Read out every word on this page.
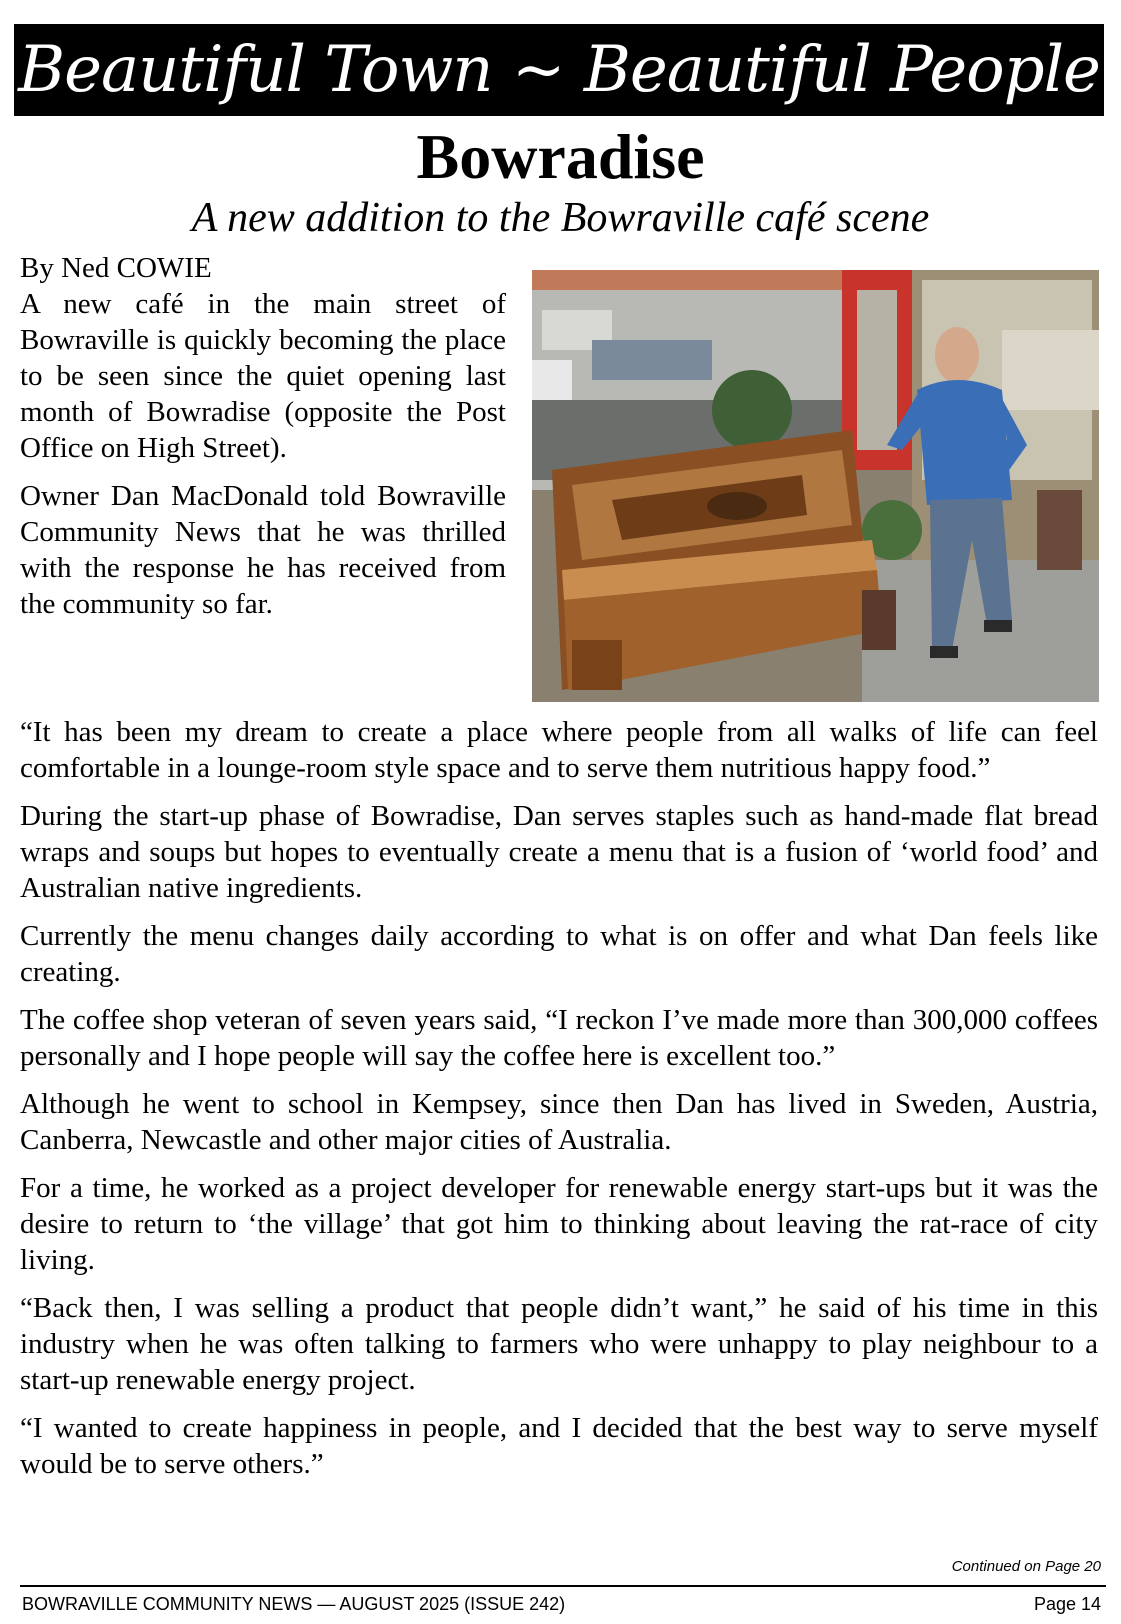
Beautiful Town ~ Beautiful People
Bowradise
A new addition to the Bowraville café scene
By Ned COWIE

A new café in the main street of Bowraville is quickly becoming the place to be seen since the quiet opening last month of Bowradise (opposite the Post Office on High Street).

Owner Dan MacDonald told Bowraville Community News that he was thrilled with the response he has received from the community so far.

“It has been my dream to create a place where people from all walks of life can feel comfortable in a lounge-room style space and to serve them nutritious happy food.”

During the start-up phase of Bowradise, Dan serves staples such as hand-made flat bread wraps and soups but hopes to eventually create a menu that is a fusion of ‘world food’ and Australian native ingredients.

Currently the menu changes daily according to what is on offer and what Dan feels like creating.

The coffee shop veteran of seven years said, “I reckon I’ve made more than 300,000 coffees personally and I hope people will say the coffee here is excellent too.”

Although he went to school in Kempsey, since then Dan has lived in Sweden, Austria, Canberra, Newcastle and other major cities of Australia.

For a time, he worked as a project developer for renewable energy start-ups but it was the desire to return to ‘the village’ that got him to thinking about leaving the rat-race of city living.

“Back then, I was selling a product that people didn’t want,” he said of his time in this industry when he was often talking to farmers who were unhappy to play neighbour to a start-up renewable energy project.

“I wanted to create happiness in people, and I decided that the best way to serve myself would be to serve others.”

Continued on Page 20
BOWRAVILLE COMMUNITY NEWS — AUGUST 2025 (ISSUE 242)	Page 14
